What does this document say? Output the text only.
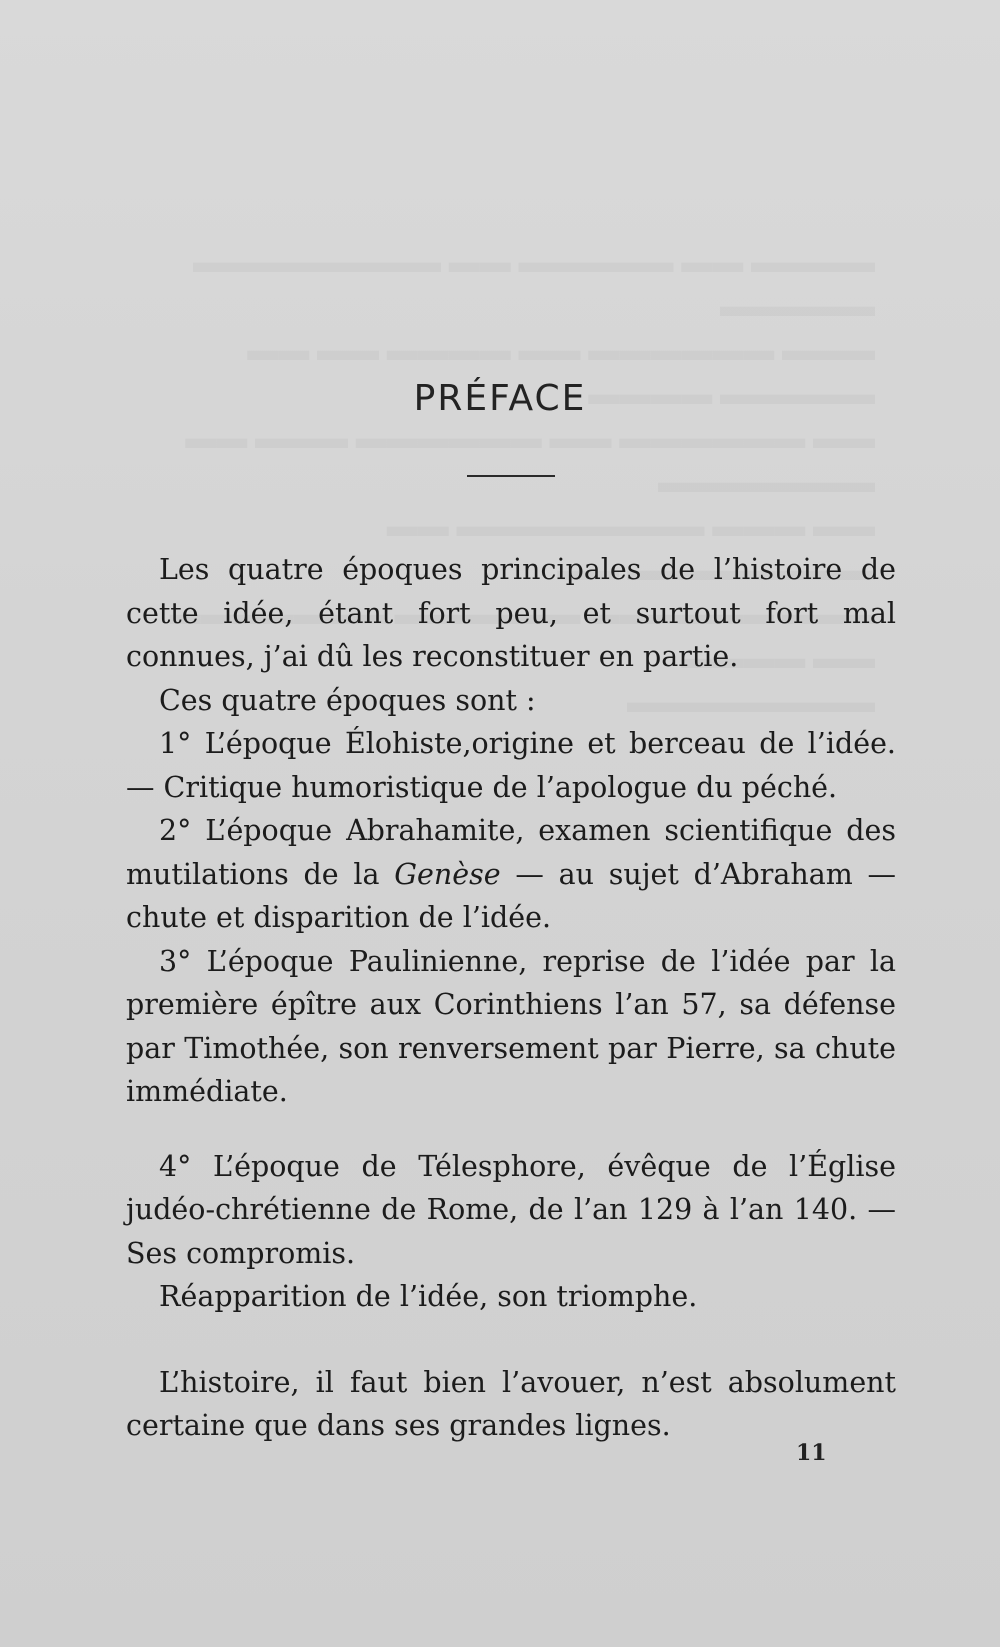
PRÉFACE

Les quatre époques principales de l’histoire de cette idée, étant fort peu, et surtout fort mal connues, j’ai dû les reconstituer en partie.

Ces quatre époques sont :

1° L’époque Élohiste,origine et berceau de l’idée. — Critique humoristique de l’apologue du péché.

2° L’époque Abrahamite, examen scientifique des mutilations de la Genèse — au sujet d’Abraham — chute et disparition de l’idée.

3° L’époque Paulinienne, reprise de l’idée par la première épître aux Corinthiens l’an 57, sa défense par Timothée, son renversement par Pierre, sa chute immédiate.

4° L’époque de Télesphore, évêque de l’Église judéo-chrétienne de Rome, de l’an 129 à l’an 140. — Ses compromis.

Réapparition de l’idée, son triomphe.

L’histoire, il faut bien l’avouer, n’est absolument certaine que dans ses grandes lignes.

11
